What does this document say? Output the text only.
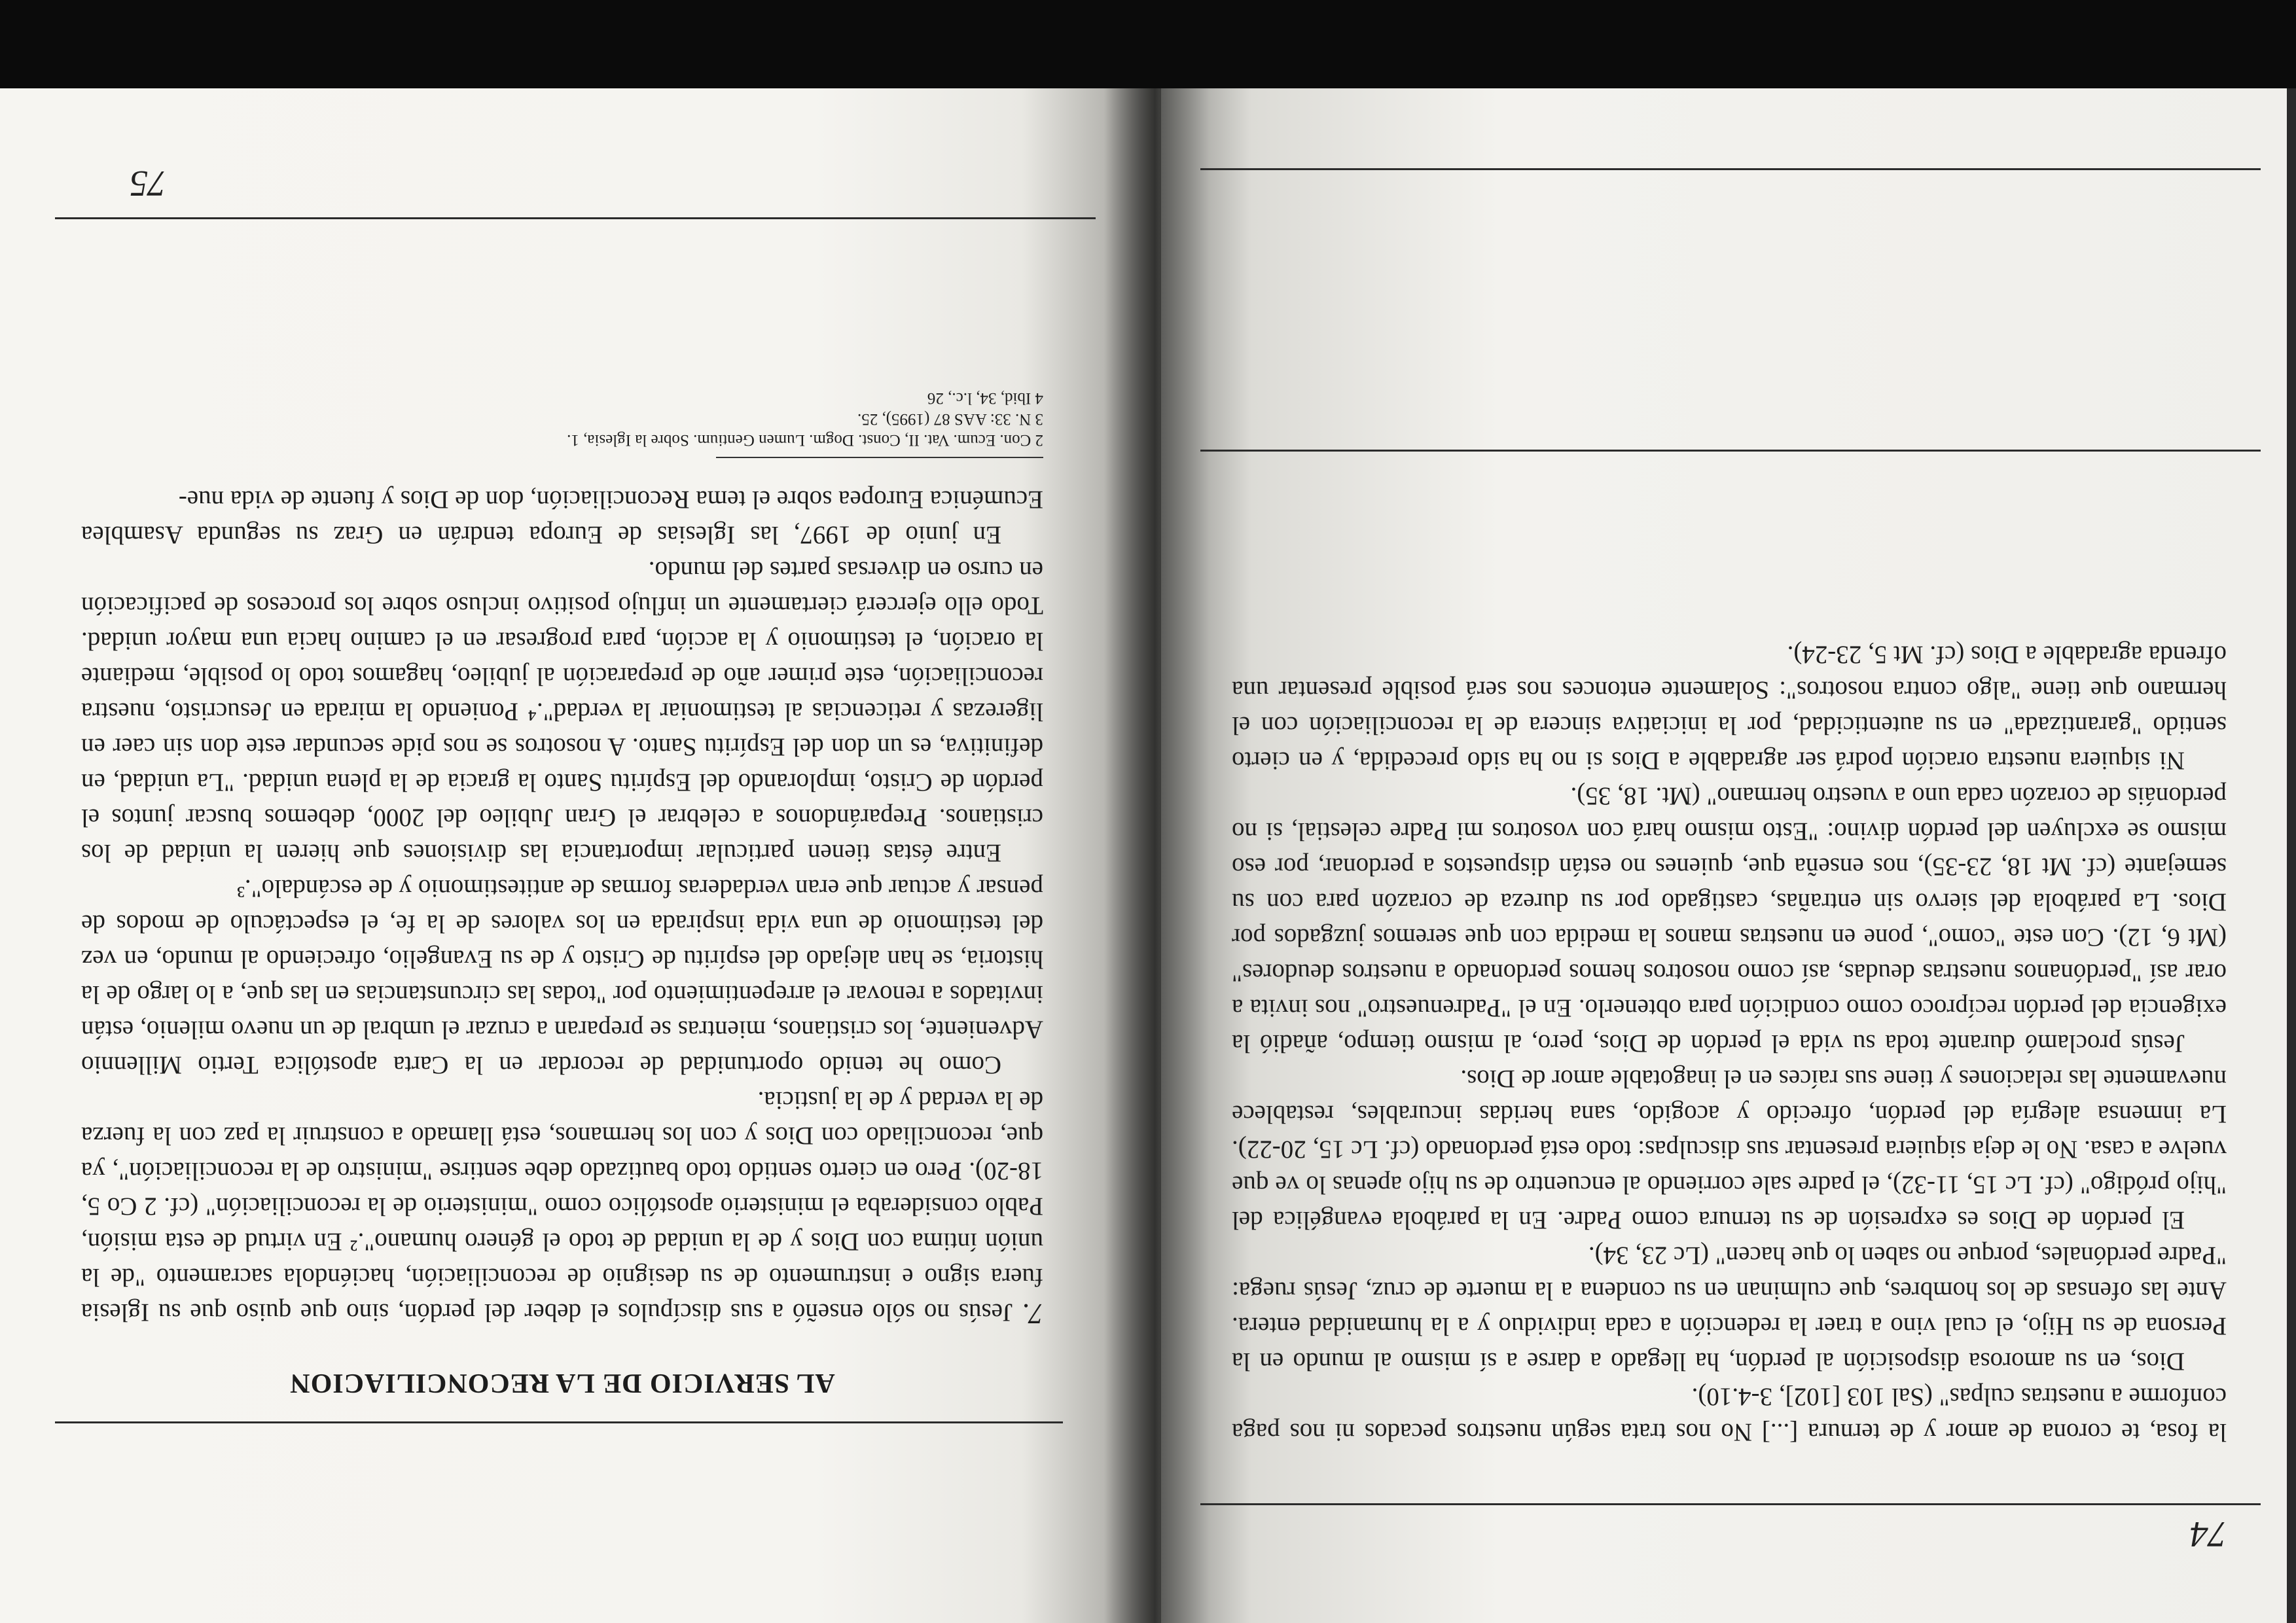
74

la fosa, te corona de amor y de ternura [...] No nos trata según nuestros pecados ni nos paga conforme a nuestras culpas" (Sal 103 [102], 3-4.10).

Dios, en su amorosa disposición al perdón, ha llegado a darse a sí mismo al mundo en la Persona de su Hijo, el cual vino a traer la redención a cada individuo y a la humanidad entera. Ante las ofensas de los hombres, que culminan en su condena a la muerte de cruz, Jesús ruega: "Padre perdónales, porque no saben lo que hacen" (Lc 23, 34).

El perdón de Dios es expresión de su ternura como Padre. En la parábola evangélica del "hijo pródigo" (cf. Lc 15, 11-32), el padre sale corriendo al encuentro de su hijo apenas lo ve que vuelve a casa. No le deja siquiera presentar sus disculpas: todo está perdonado (cf. Lc 15, 20-22). La inmensa alegría del perdón, ofrecido y acogido, sana heridas incurables, restablece nuevamente las relaciones y tiene sus raíces en el inagotable amor de Dios.

Jesús proclamó durante toda su vida el perdón de Dios, pero, al mismo tiempo, añadió la exigencia del perdón recíproco como condición para obtenerlo. En el "Padrenuestro" nos invita a orar así "perdónanos nuestras deudas, así como nosotros hemos perdonado a nuestros deudores" (Mt 6, 12). Con este "como", pone en nuestras manos la medida con que seremos juzgados por Dios. La parábola del siervo sin entrañas, castigado por su dureza de corazón para con su semejante (cf. Mt 18, 23-35), nos enseña que, quienes no están dispuestos a perdonar, por eso mismo se excluyen del perdón divino: "Esto mismo hará con vosotros mi Padre celestial, si no perdonáis de corazón cada uno a vuestro hermano" (Mt. 18, 35).

Ni siquiera nuestra oración podrá ser agradable a Dios si no ha sido precedida, y en cierto sentido "garantizada" en su autenticidad, por la iniciativa sincera de la reconciliación con el hermano que tiene "algo contra nosotros": Solamente entonces nos será posible presentar una ofrenda agradable a Dios (cf. Mt 5, 23-24).

AL SERVICIO DE LA RECONCILIACION

7. Jesús no sólo enseñó a sus discípulos el deber del perdón, sino que quiso que su Iglesia fuera signo e instrumento de su designio de reconciliación, haciéndola sacramento "de la unión íntima con Dios y de la unidad de todo el género humano".² En virtud de esta misión, Pablo consideraba el ministerio apostólico como "ministerio de la reconciliación" (cf. 2 Co 5, 18-20). Pero en cierto sentido todo bautizado debe sentirse "ministro de la reconciliación", ya que, reconciliado con Dios y con los hermanos, está llamado a construir la paz con la fuerza de la verdad y de la justicia.

Como he tenido oportunidad de recordar en la Carta apostólica Tertio Millennio Adveniente, los cristianos, mientras se preparan a cruzar el umbral de un nuevo milenio, están invitados a renovar el arrepentimiento por "todas las circunstancias en las que, a lo largo de la historia, se han alejado del espíritu de Cristo y de su Evangelio, ofreciendo al mundo, en vez del testimonio de una vida inspirada en los valores de la fe, el espectáculo de modos de pensar y actuar que eran verdaderas formas de antitestimonio y de escándalo".³

Entre éstas tienen particular importancia las divisiones que hieren la unidad de los cristianos. Preparándonos a celebrar el Gran Jubileo del 2000, debemos buscar juntos el perdón de Cristo, implorando del Espíritu Santo la gracia de la plena unidad. "La unidad, en definitiva, es un don del Espíritu Santo. A nosotros se nos pide secundar este don sin caer en ligerezas y reticencias al testimoniar la verdad".⁴ Poniendo la mirada en Jesucristo, nuestra reconciliación, este primer año de preparación al jubileo, hagamos todo lo posible, mediante la oración, el testimonio y la acción, para progresar en el camino hacia una mayor unidad. Todo ello ejercerá ciertamente un influjo positivo incluso sobre los procesos de pacificación en curso en diversas partes del mundo.

En junio de 1997, las Iglesias de Europa tendrán en Graz su segunda Asamblea Ecuménica Europea sobre el tema Reconciliación, don de Dios y fuente de vida nue-

2 Con. Ecum. Vat. II, Const. Dogm. Lumen Gentium. Sobre la Iglesia, 1.
3 N. 33: AAS 87 (1995), 25.
4 Ibid, 34, l.c., 26
75
